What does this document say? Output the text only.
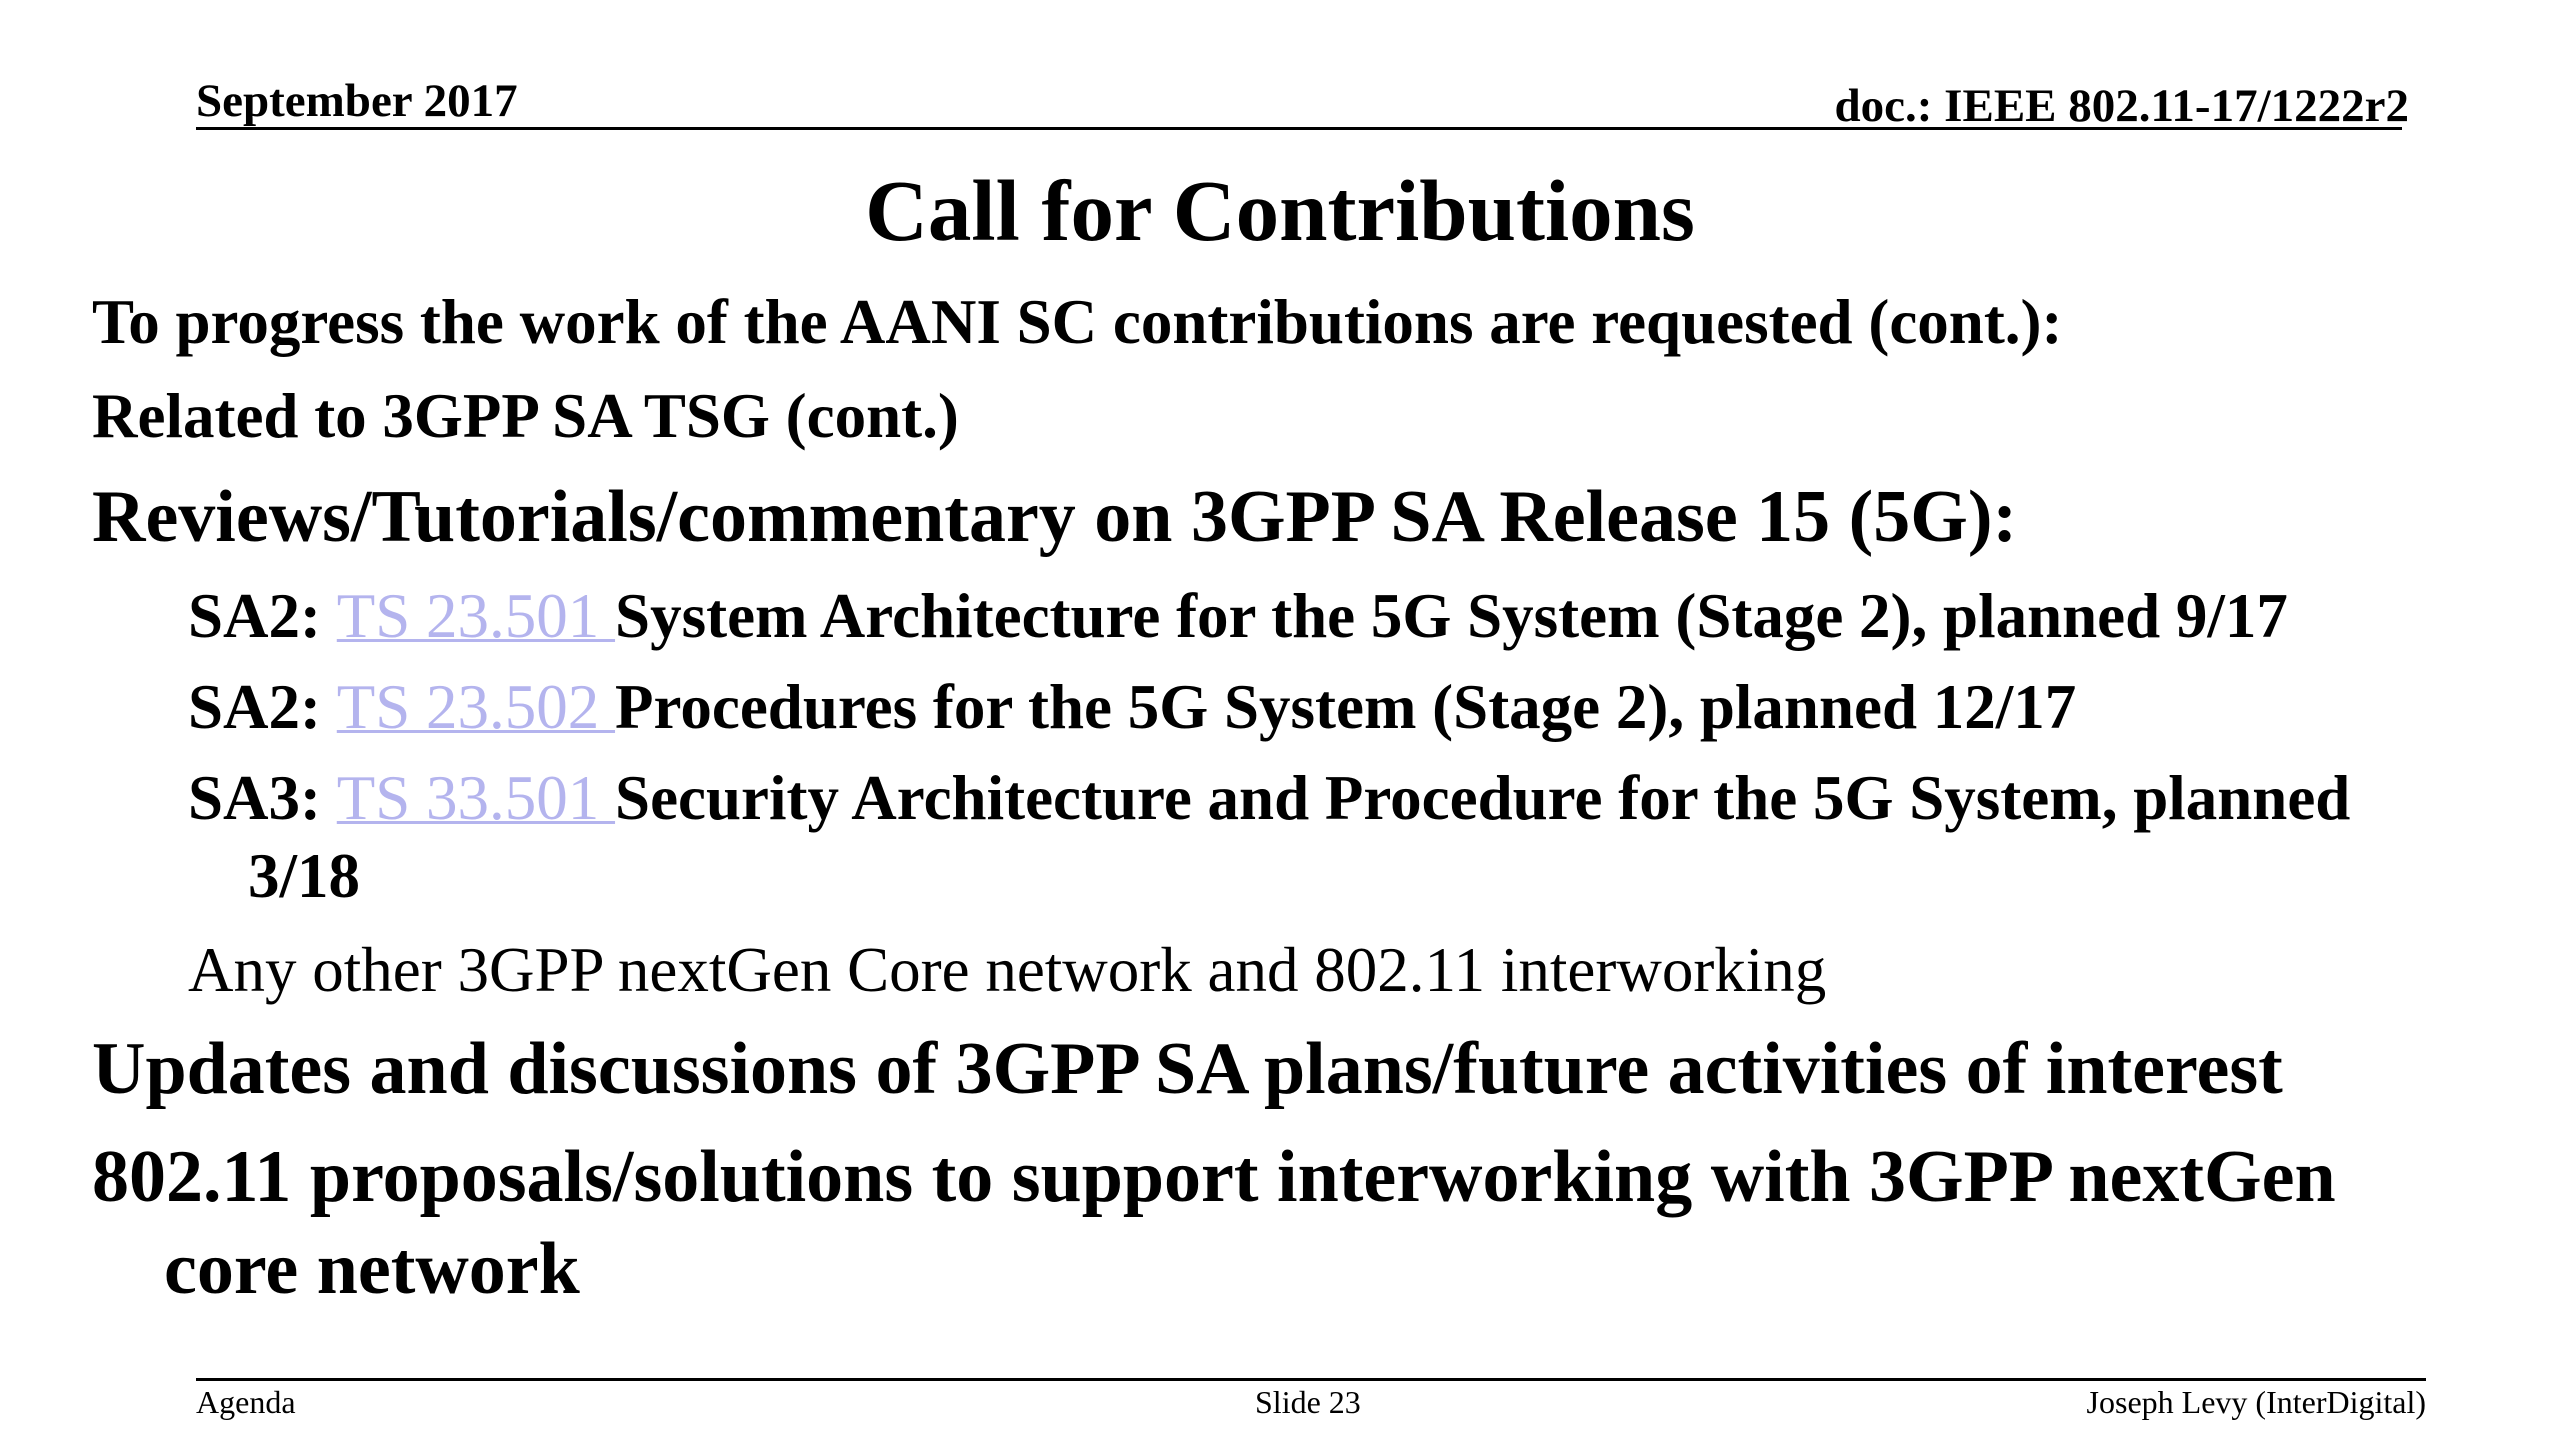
September 2017	doc.: IEEE 802.11-17/1222r2
Call for Contributions
To progress the work of the AANI SC contributions are requested (cont.):
Related to 3GPP SA TSG (cont.)
Reviews/Tutorials/commentary on 3GPP SA Release 15 (5G):
SA2: TS 23.501 System Architecture for the 5G System (Stage 2), planned 9/17
SA2: TS 23.502 Procedures for the 5G System (Stage 2), planned 12/17
SA3: TS 33.501 Security Architecture and Procedure for the 5G System, planned
3/18
Any other 3GPP nextGen Core network and 802.11 interworking
Updates and discussions of 3GPP SA plans/future activities of interest
802.11 proposals/solutions to support interworking with 3GPP nextGen
core network
Agenda	Slide 23	Joseph Levy (InterDigital)
